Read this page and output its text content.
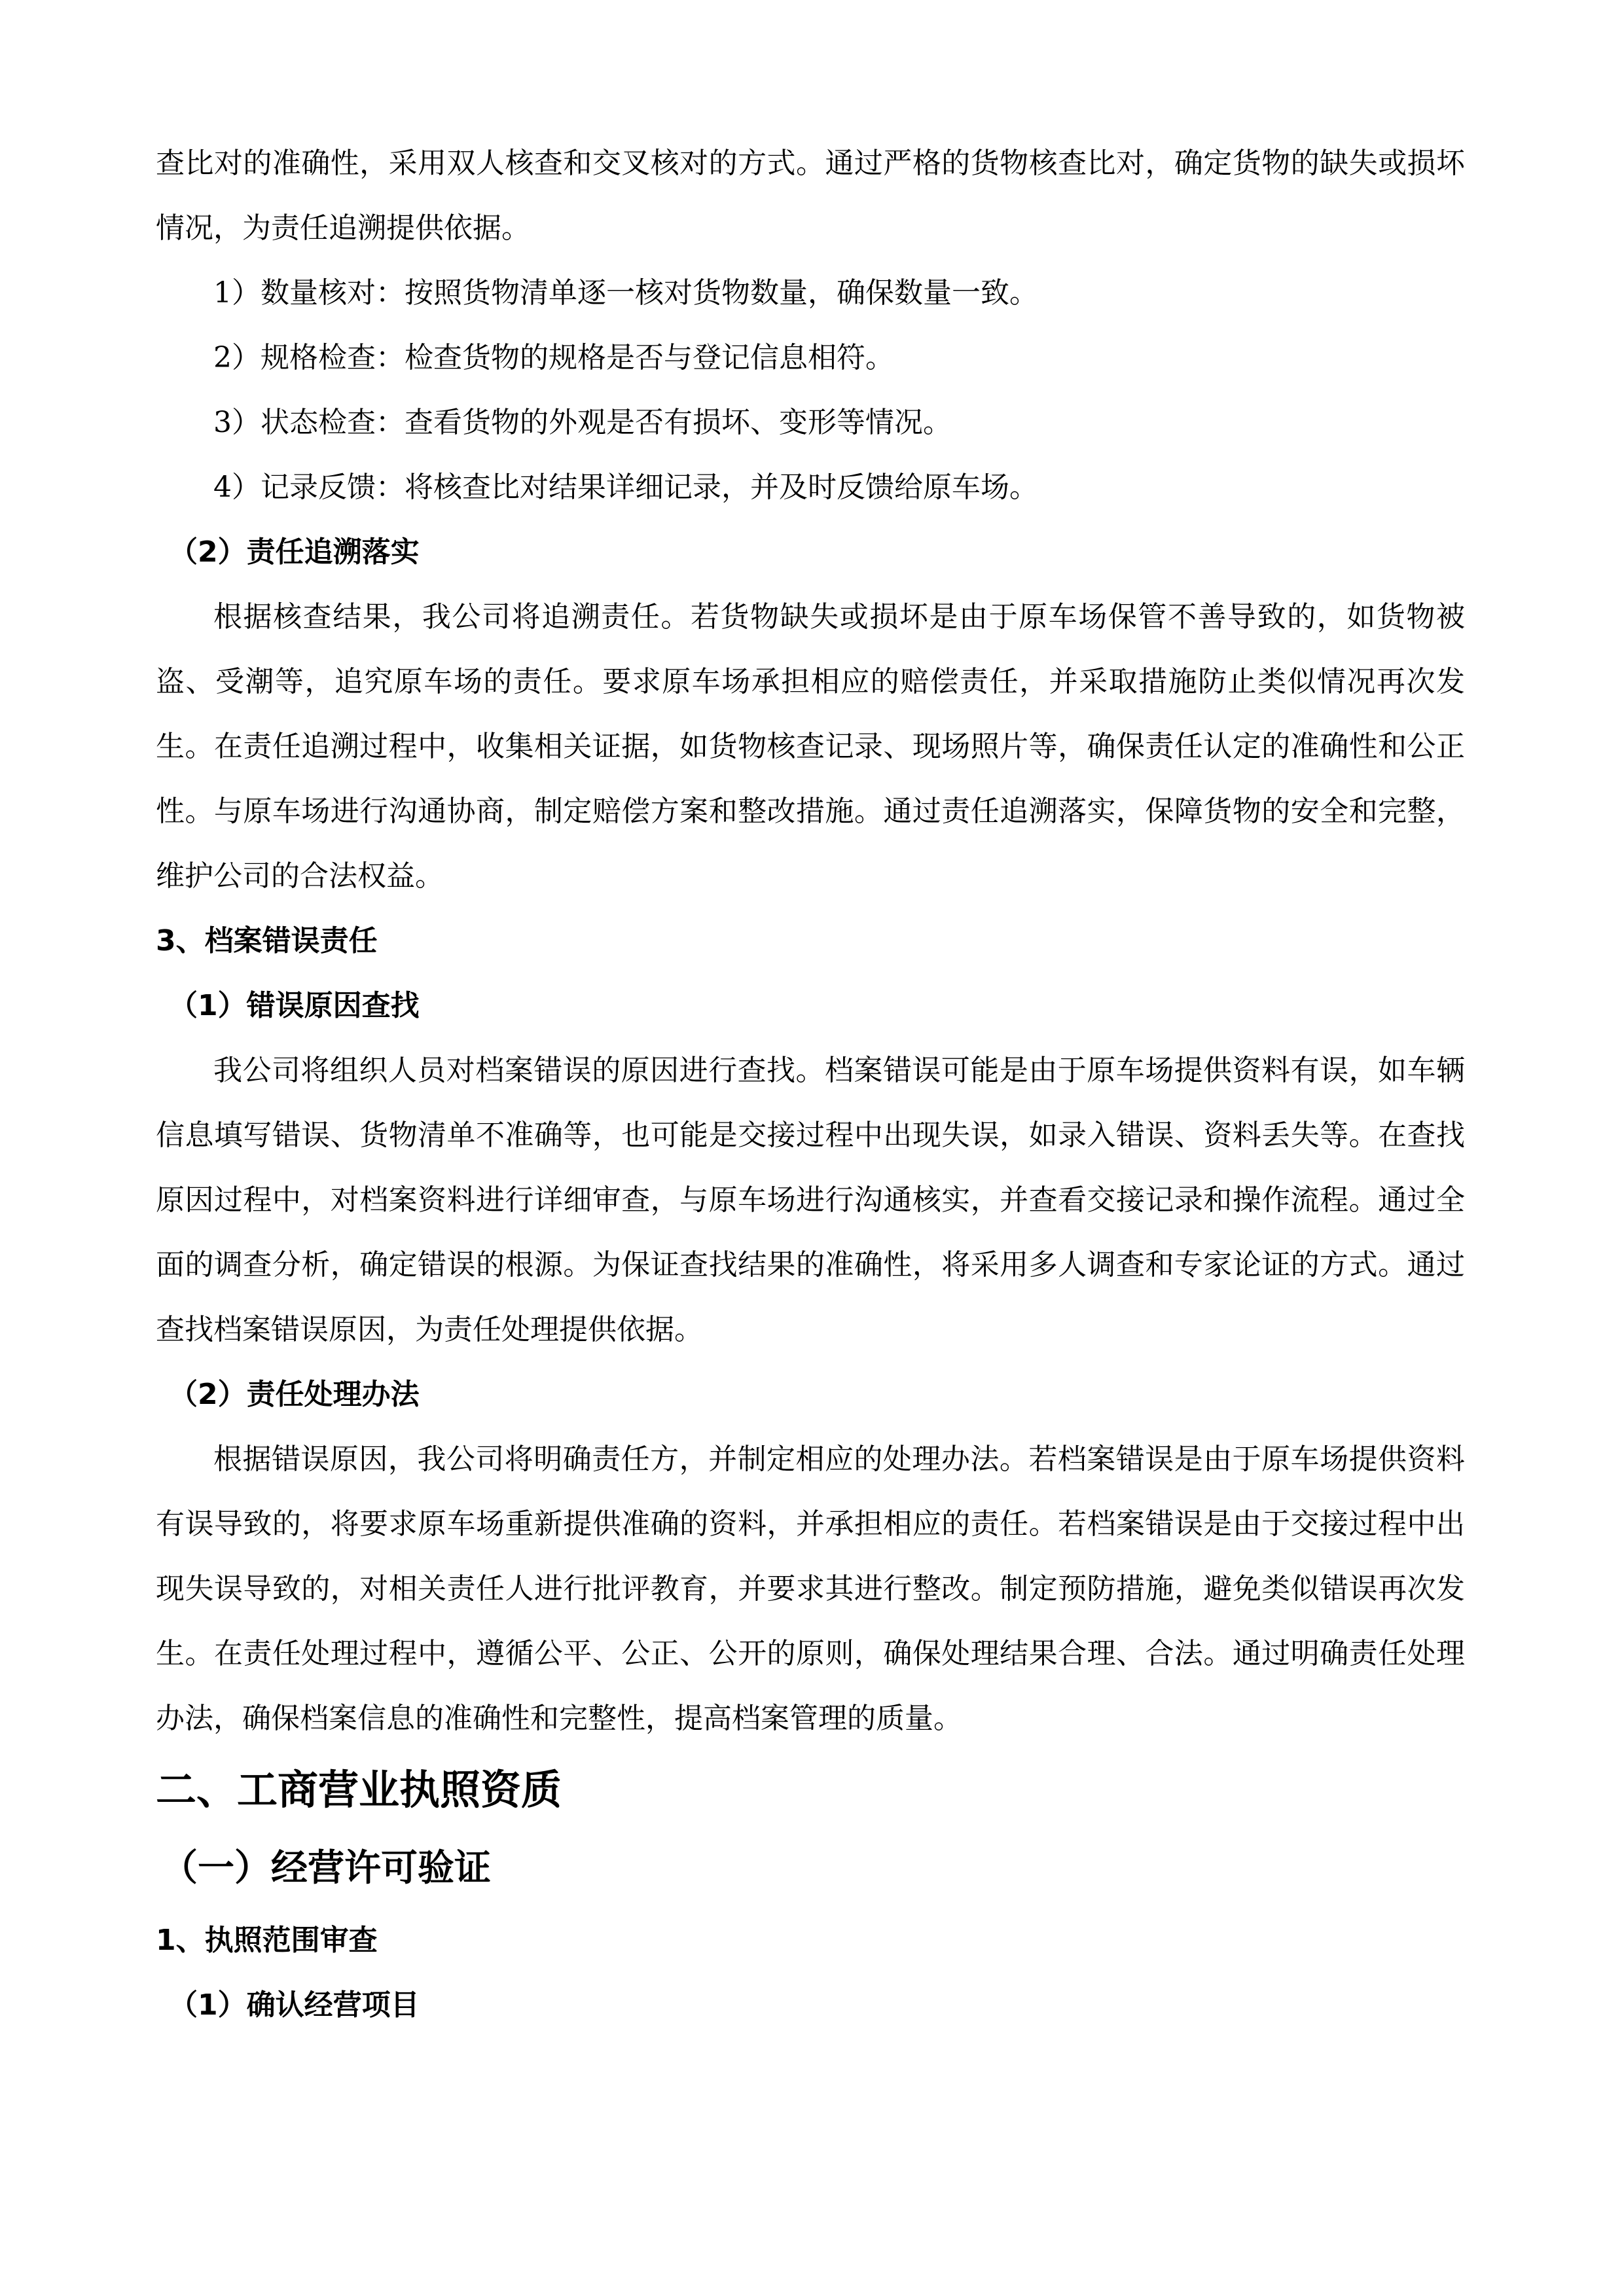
查比对的准确性，采用双人核查和交叉核对的方式。通过严格的货物核查比对，确定货物的缺失或损坏情况，为责任追溯提供依据。

1）数量核对：按照货物清单逐一核对货物数量，确保数量一致。

2）规格检查：检查货物的规格是否与登记信息相符。

3）状态检查：查看货物的外观是否有损坏、变形等情况。

4）记录反馈：将核查比对结果详细记录，并及时反馈给原车场。

（2）责任追溯落实

根据核查结果，我公司将追溯责任。若货物缺失或损坏是由于原车场保管不善导致的，如货物被盗、受潮等，追究原车场的责任。要求原车场承担相应的赔偿责任，并采取措施防止类似情况再次发生。在责任追溯过程中，收集相关证据，如货物核查记录、现场照片等，确保责任认定的准确性和公正性。与原车场进行沟通协商，制定赔偿方案和整改措施。通过责任追溯落实，保障货物的安全和完整，维护公司的合法权益。

3、档案错误责任

（1）错误原因查找

我公司将组织人员对档案错误的原因进行查找。档案错误可能是由于原车场提供资料有误，如车辆信息填写错误、货物清单不准确等，也可能是交接过程中出现失误，如录入错误、资料丢失等。在查找原因过程中，对档案资料进行详细审查，与原车场进行沟通核实，并查看交接记录和操作流程。通过全面的调查分析，确定错误的根源。为保证查找结果的准确性，将采用多人调查和专家论证的方式。通过查找档案错误原因，为责任处理提供依据。

（2）责任处理办法

根据错误原因，我公司将明确责任方，并制定相应的处理办法。若档案错误是由于原车场提供资料有误导致的，将要求原车场重新提供准确的资料，并承担相应的责任。若档案错误是由于交接过程中出现失误导致的，对相关责任人进行批评教育，并要求其进行整改。制定预防措施，避免类似错误再次发生。在责任处理过程中，遵循公平、公正、公开的原则，确保处理结果合理、合法。通过明确责任处理办法，确保档案信息的准确性和完整性，提高档案管理的质量。

二、工商营业执照资质

（一）经营许可验证

1、执照范围审查

（1）确认经营项目
